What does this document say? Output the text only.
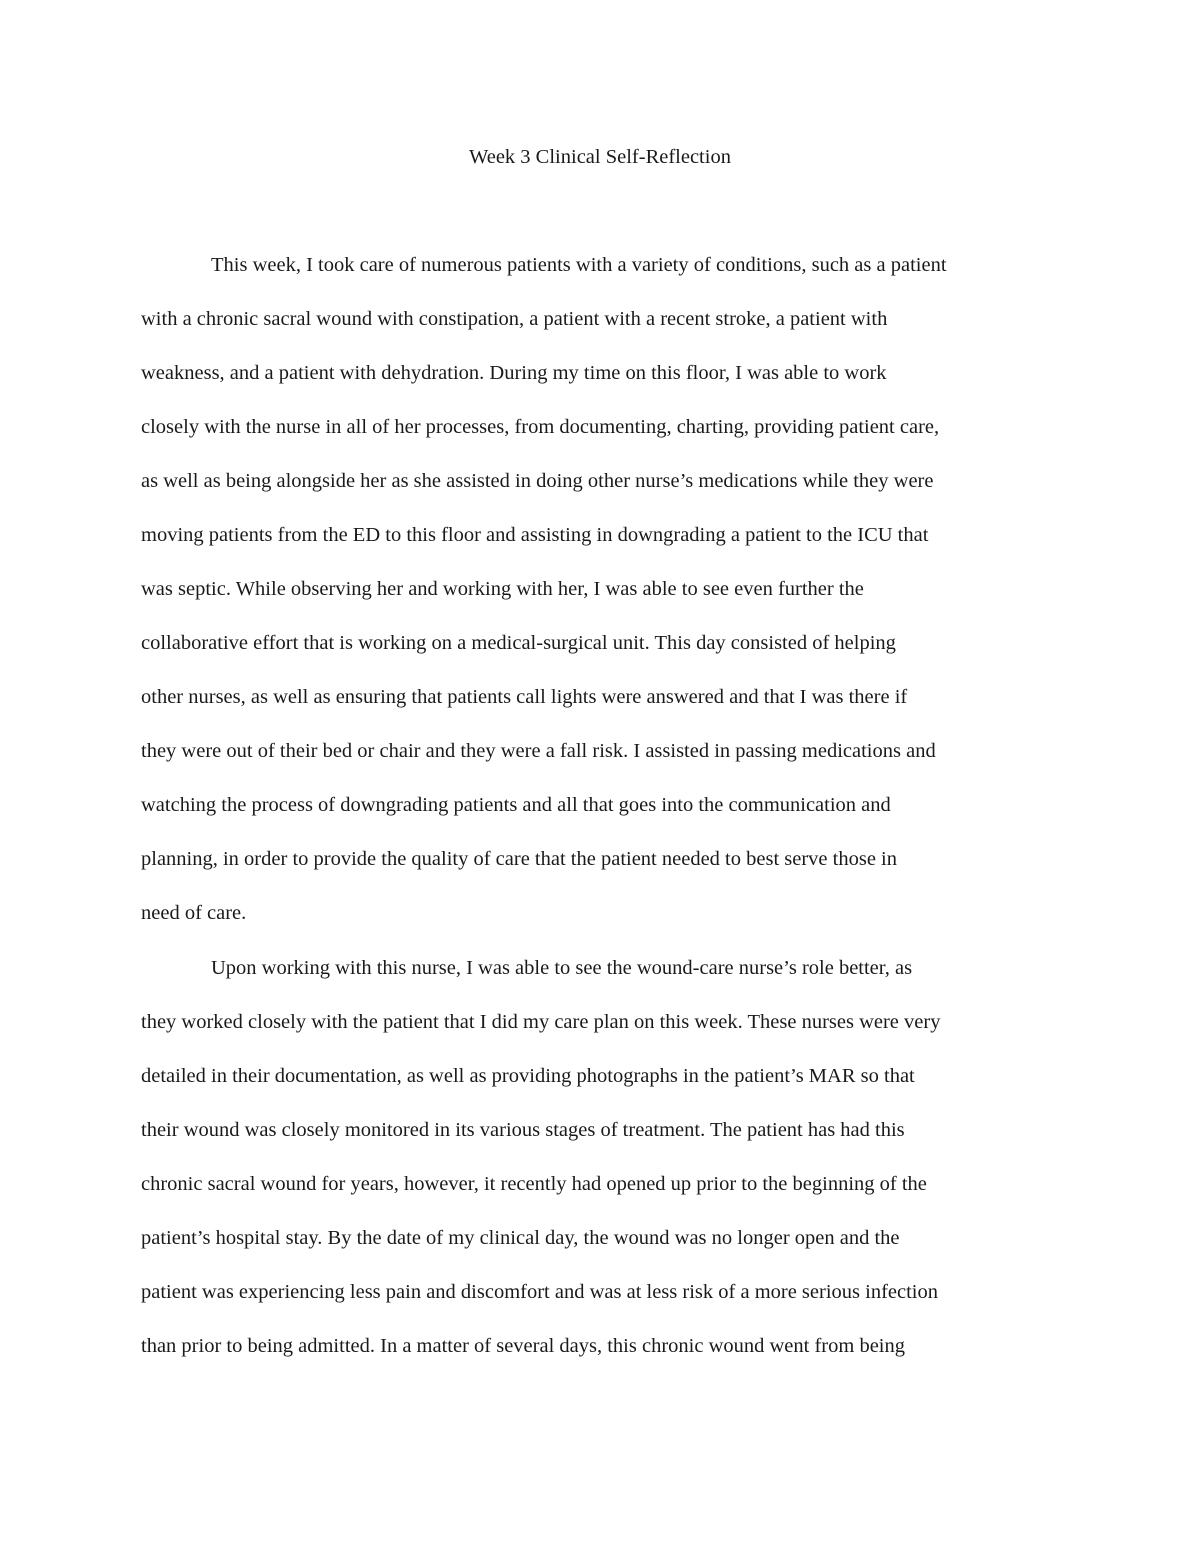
Week 3 Clinical Self-Reflection
This week, I took care of numerous patients with a variety of conditions, such as a patient
with a chronic sacral wound with constipation, a patient with a recent stroke, a patient with
weakness, and a patient with dehydration. During my time on this floor, I was able to work
closely with the nurse in all of her processes, from documenting, charting, providing patient care,
as well as being alongside her as she assisted in doing other nurse’s medications while they were
moving patients from the ED to this floor and assisting in downgrading a patient to the ICU that
was septic. While observing her and working with her, I was able to see even further the
collaborative effort that is working on a medical-surgical unit. This day consisted of helping
other nurses, as well as ensuring that patients call lights were answered and that I was there if
they were out of their bed or chair and they were a fall risk. I assisted in passing medications and
watching the process of downgrading patients and all that goes into the communication and
planning, in order to provide the quality of care that the patient needed to best serve those in
need of care.
Upon working with this nurse, I was able to see the wound-care nurse’s role better, as
they worked closely with the patient that I did my care plan on this week. These nurses were very
detailed in their documentation, as well as providing photographs in the patient’s MAR so that
their wound was closely monitored in its various stages of treatment. The patient has had this
chronic sacral wound for years, however, it recently had opened up prior to the beginning of the
patient’s hospital stay. By the date of my clinical day, the wound was no longer open and the
patient was experiencing less pain and discomfort and was at less risk of a more serious infection
than prior to being admitted. In a matter of several days, this chronic wound went from being
